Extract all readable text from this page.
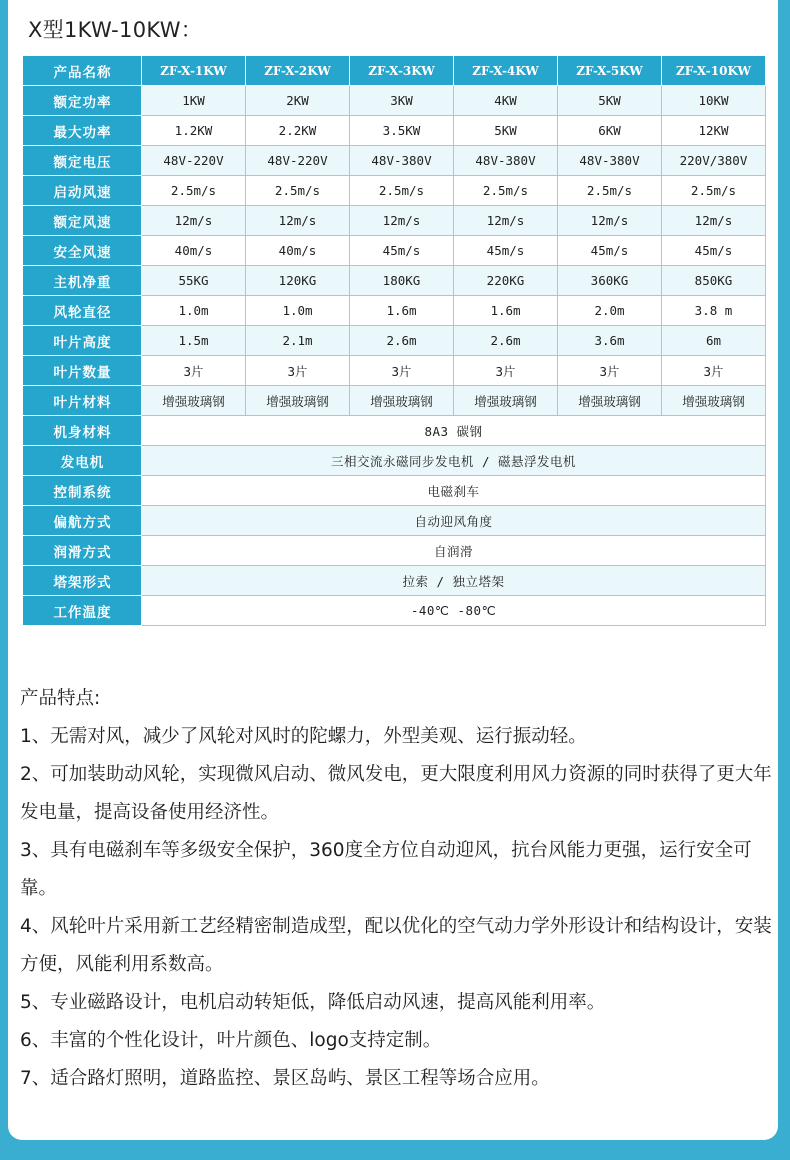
X型1KW-10KW：
产品名称	ZF-X-1KW	ZF-X-2KW	ZF-X-3KW	ZF-X-4KW	ZF-X-5KW	ZF-X-10KW
额定功率	1KW	2KW	3KW	4KW	5KW	10KW
最大功率	1.2KW	2.2KW	3.5KW	5KW	6KW	12KW
额定电压	48V-220V	48V-220V	48V-380V	48V-380V	48V-380V	220V/380V
启动风速	2.5m/s	2.5m/s	2.5m/s	2.5m/s	2.5m/s	2.5m/s
额定风速	12m/s	12m/s	12m/s	12m/s	12m/s	12m/s
安全风速	40m/s	40m/s	45m/s	45m/s	45m/s	45m/s
主机净重	55KG	120KG	180KG	220KG	360KG	850KG
风轮直径	1.0m	1.0m	1.6m	1.6m	2.0m	3.8 m
叶片高度	1.5m	2.1m	2.6m	2.6m	3.6m	6m
叶片数量	3片	3片	3片	3片	3片	3片
叶片材料	增强玻璃钢	增强玻璃钢	增强玻璃钢	增强玻璃钢	增强玻璃钢	增强玻璃钢
机身材料	8A3 碳钢					
发电机	三相交流永磁同步发电机 / 磁悬浮发电机					
控制系统	电磁刹车					
偏航方式	自动迎风角度					
润滑方式	自润滑					
塔架形式	拉索 / 独立塔架					
工作温度	-40℃ -80℃					
产品特点:
1、无需对风，减少了风轮对风时的陀螺力，外型美观、运行振动轻。
2、可加装助动风轮，实现微风启动、微风发电，更大限度利用风力资源的同时获得了更大年发电量，提高设备使用经济性。
3、具有电磁刹车等多级安全保护，360度全方位自动迎风，抗台风能力更强，运行安全可靠。
4、风轮叶片采用新工艺经精密制造成型，配以优化的空气动力学外形设计和结构设计，安装方便，风能利用系数高。
5、专业磁路设计，电机启动转矩低，降低启动风速，提高风能利用率。
6、丰富的个性化设计，叶片颜色、logo支持定制。
7、适合路灯照明，道路监控、景区岛屿、景区工程等场合应用。
